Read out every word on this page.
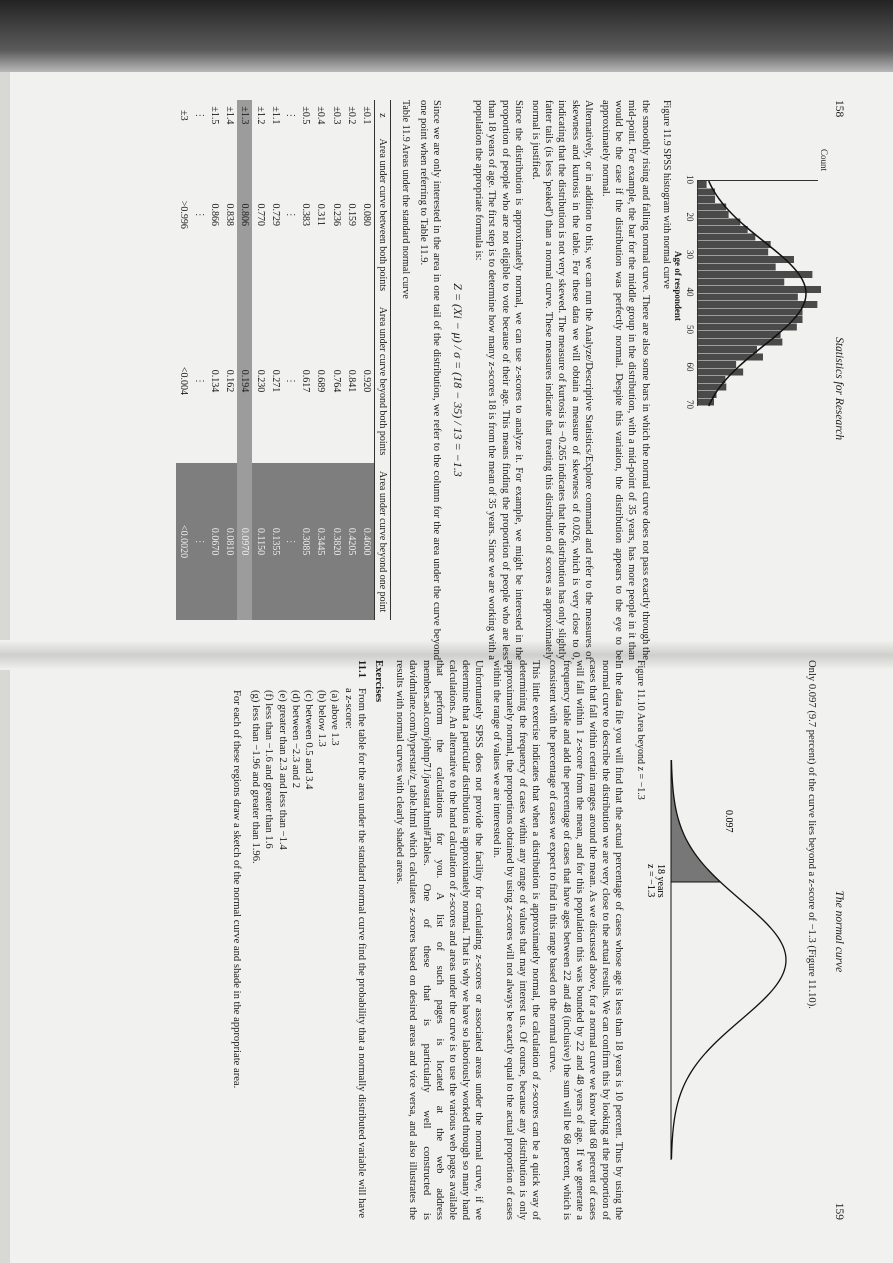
158
Statistics for Research
Count
Age of respondent
10
20
30
40
50
60
70
Figure 11.9 SPSS histogram with normal curve

the smoothly rising and falling normal curve. There are also some bars in which the normal curve does not pass exactly through the mid-point. For example, the bar for the middle group in the distribution, with a mid-point of 35 years, has more people in it than would be the case if the distribution was perfectly normal. Despite this variation, the distribution appears to the eye to be approximately normal.

Alternatively, or in addition to this, we can run the Analyze/Descriptive Statistics/Explore command and refer to the measures of skewness and kurtosis in the table. For these data we will obtain a measure of skewness of 0.026, which is very close to 0, indicating that the distribution is not very skewed. The measure of kurtosis is −0.265 indicates that the distribution has only slightly fatter tails (is less 'peaked') than a normal curve. These measures indicate that treating this distribution of scores as approximately normal is justified.

Since the distribution is approximately normal, we can use z-scores to analyze it. For example, we might be interested in the proportion of people who are not eligible to vote because of their age. This means finding the proportion of people who are less than 18 years of age. The first step is to determine how many z-scores 18 is from the mean of 35 years. Since we are working with a population the appropriate formula is:

Z = (Xi − μ) / σ = (18 − 35) / 13 = −1.3

Since we are only interested in the area in one tail of the distribution, we refer to the column for the area under the curve beyond one point when referring to Table 11.9.

Table 11.9 Areas under the standard normal curve
z	Area under curve between both points	Area under curve beyond both points	Area under curve beyond one point
±0.1	0.080	0.920	0.4600
±0.2	0.159	0.841	0.4205
±0.3	0.236	0.764	0.3820
±0.4	0.311	0.689	0.3445
±0.5	0.383	0.617	0.3085
⋮	⋮	⋮	⋮
±1.1	0.729	0.271	0.1355
±1.2	0.770	0.230	0.1150
±1.3	0.806	0.194	0.0970
±1.4	0.838	0.162	0.0810
±1.5	0.866	0.134	0.0670
⋮	⋮	⋮	⋮
±3	>0.996	<0.004	<0.0020
The normal curve
159

Only 0.097 (9.7 percent) of the curve lies beyond a z-score of −1.3 (Figure 11.10).

0.097
18 years
z = −1.3
Figure 11.10 Area beyond z = −1.3

In the data file you will find that the actual percentage of cases whose age is less than 18 years is 10 percent. Thus by using the normal curve to describe the distribution we are very close to the actual results. We can confirm this by looking at the proportion of cases that fall within certain ranges around the mean. As we discussed above, for a normal curve we know that 68 percent of cases will fall within 1 z-score from the mean, and for this population this was bounded by 22 and 48 years of age. If we generate a frequency table and add the percentage of cases that have ages between 22 and 48 (inclusive) the sum will be 68 percent, which is consistent with the percentage of cases we expect to find in this range based on the normal curve.

This little exercise indicates that when a distribution is approximately normal, the calculation of z-scores can be a quick way of determining the frequency of cases within any range of values that may interest us. Of course, because any distribution is only approximately normal, the proportions obtained by using z-scores will not always be exactly equal to the actual proportion of cases within the range of values we are interested in.

Unfortunately SPSS does not provide the facility for calculating z-scores or associated areas under the normal curve, if we determine that a particular distribution is approximately normal. That is why we have so laboriously worked through so many hand calculations. An alternative to the hand calculation of z-scores and areas under the curve is to use the various web pages available that perform the calculations for you. A list of such pages is located at the web address members.aol.com/johnp71/javastat.html#Tables. One of these that is particularly well constructed is davidmlane.com/hyperstat/z_table.html which calculates z-scores based on desired areas and vice versa, and also illustrates the results with normal curves with clearly shaded areas.

Exercises
11.1
From the table for the area under the standard normal curve find the probability that a normally distributed variable will have a z-score:
(a) above 1.3
(b) below 1.3
(c) between 0.5 and 3.4
(d) between −2.3 and 2
(e) greater than 2.3 and less than −1.4
(f) less than −1.6 and greater than 1.6
(g) less than −1.96 and greater than 1.96.

For each of these regions draw a sketch of the normal curve and shade in the appropriate area.
